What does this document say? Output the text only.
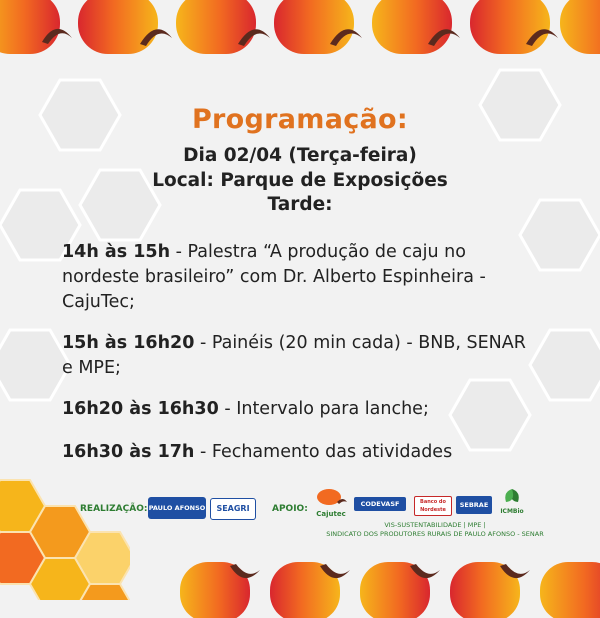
Programação:
Dia 02/04 (Terça-feira)
Local: Parque de Exposições
Tarde:
14h às 15h - Palestra “A produção de caju no nordeste brasileiro” com Dr. Alberto Espinheira - CajuTec;
15h às 16h20 - Painéis (20 min cada) - BNB, SENAR e MPE;
16h20 às 16h30 - Intervalo para lanche;
16h30 às 17h - Fechamento das atividades
REALIZAÇÃO: PAULO AFONSO	SEAGRI	APOIO:	Cajutec
CODEVASF	Banco do Nordeste
SEBRAE
ICMBio
VIS-SUSTENTABILIDADE | MPE |
SINDICATO DOS PRODUTORES RURAIS DE PAULO AFONSO - SENAR
